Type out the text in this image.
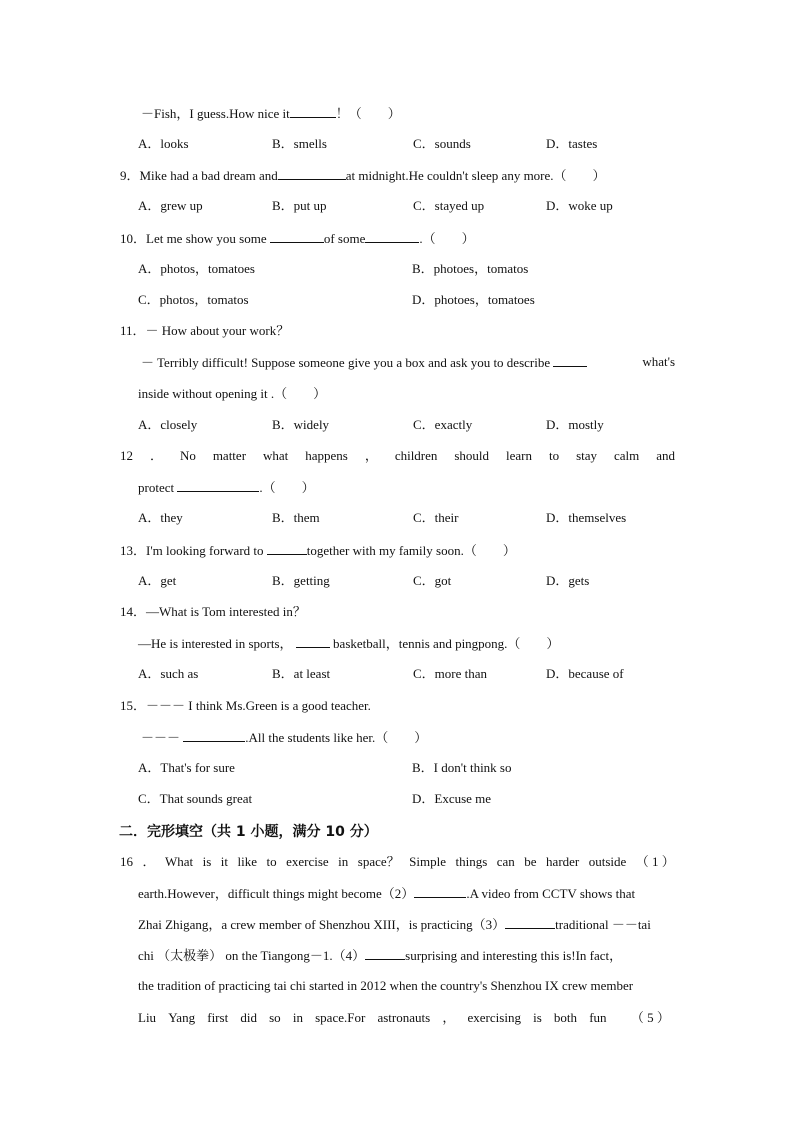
－Fish，I guess.How nice it	！（　　）
A．looks	B．smells	C．sounds	D．tastes
9．Mike had a bad dream and	at midnight.He couldn't sleep any more.（　　）
A．grew up	B．put up	C．stayed up	D．woke up
10．Let me show you some	of some	.（　　）
A．photos，tomatoes	B．photoes，tomatos
C．photos，tomatos	D．photoes，tomatoes
11．－ How about your work？
－ Terribly difficult! Suppose someone give you a box and ask you to describe	what's
inside without opening it .（　　）
A．closely	B．widely	C．exactly	D．mostly
12 ． No matter what happens ， children should learn to stay calm and
protect	.（　　）
A．they	B．them	C．their	D．themselves
13．I'm looking forward to	together with my family soon.（　　）
A．get	B．getting	C．got	D．gets
14．—What is Tom interested in？
—He is interested in sports，	basketball，tennis and pingpong.（　　）
A．such as	B．at least	C．more than	D．because of
15．－－－ I think Ms.Green is a good teacher.
－－－	.All the students like her.（　　）
A．That's for sure	B．I don't think so
C．That sounds great	D．Excuse me
二．完形填空（共 1 小题，满分 10 分）
16 ． What is it like to exercise in space？ Simple things can be harder outside （ 1 ）
earth.However，difficult things might become（2）	.A video from CCTV shows that
Zhai Zhigang，a crew member of Shenzhou XIII，is practicing（3）	traditional －－tai
chi （太极拳） on the Tiangong－1.（4）	surprising and interesting this is!In fact，
the tradition of practicing tai chi started in 2012 when the country's Shenzhou IX crew member
Liu Yang first did so in space.For astronauts ， exercising is both fun （ 5 ）
